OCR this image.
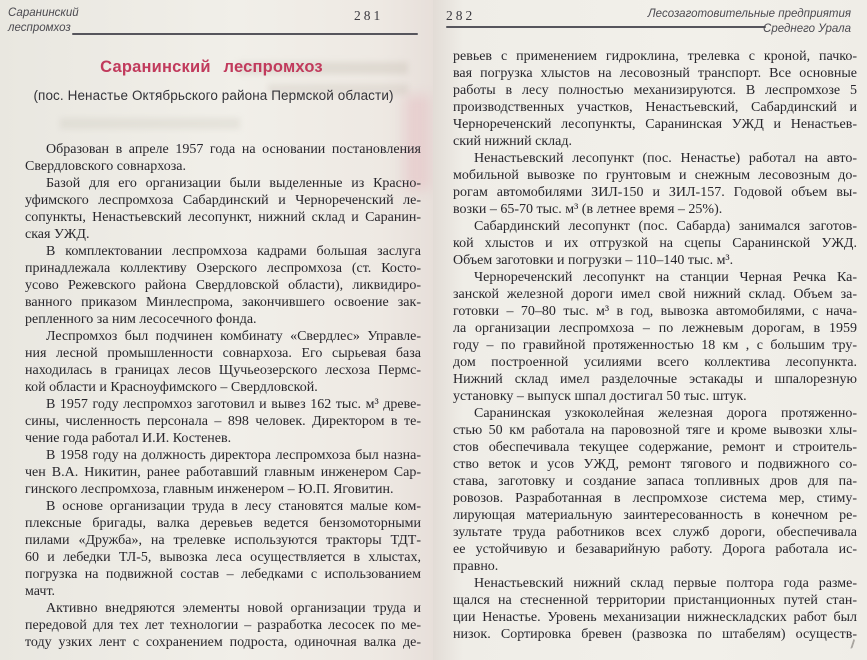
Саранинский
леспромхоз
281
Саранинский леспромхоз
(пос. Ненастье Октябрьского района Пермской области)
Образован в апреле 1957 года на основании постановления
Свердловского совнархоза.
Базой для его организации были выделенные из Красно-
уфимского леспромхоза Сабардинский и Чернореченский ле-
сопункты, Ненастьевский лесопункт, нижний склад и Саранин-
ская УЖД.
В комплектовании леспромхоза кадрами большая заслуга
принадлежала коллективу Озерского леспромхоза (ст. Косто-
усово Режевского района Свердловской области), ликвидиро-
ванного приказом Минлеспрома, закончившего освоение зак-
репленного за ним лесосечного фонда.
Леспромхоз был подчинен комбинату «Свердлес» Управле-
ния лесной промышленности совнархоза. Его сырьевая база
находилась в границах лесов Щучьеозерского лесхоза Пермс-
кой области и Красноуфимского – Свердловской.
В 1957 году леспромхоз заготовил и вывез 162 тыс. м³ древе-
сины, численность персонала – 898 человек. Директором в те-
чение года работал И.И. Костенев.
В 1958 году на должность директора леспромхоза был назна-
чен В.А. Никитин, ранее работавший главным инженером Сар-
гинского леспромхоза, главным инженером – Ю.П. Яговитин.
В основе организации труда в лесу становятся малые ком-
плексные бригады, валка деревьев ведется бензомоторными
пилами «Дружба», на трелевке используются тракторы ТДТ-
60 и лебедки ТЛ-5, вывозка леса осуществляется в хлыстах,
погрузка на подвижной состав – лебедками с использованием
мачт.
Активно внедряются элементы новой организации труда и
передовой для тех лет технологии – разработка лесосек по ме-
тоду узких лент с сохранением подроста, одиночная валка де-
282	Лесозаготовительные предприятия
Среднего Урала
ревьев с применением гидроклина, трелевка с кроной, пачко-
вая погрузка хлыстов на лесовозный транспорт. Все основные
работы в лесу полностью механизируются. В леспромхозе 5
производственных участков, Ненастьевский, Сабардинский и
Чернореченский лесопункты, Саранинская УЖД и Ненастьев-
ский нижний склад.
Ненастьевский лесопункт (пос. Ненастье) работал на авто-
мобильной вывозке по грунтовым и снежным лесовозным до-
рогам автомобилями ЗИЛ-150 и ЗИЛ-157. Годовой объем вы-
возки – 65-70 тыс. м³ (в летнее время – 25%).
Сабардинский лесопункт (пос. Сабарда) занимался заготов-
кой хлыстов и их отгрузкой на сцепы Саранинской УЖД.
Объем заготовки и погрузки – 110–140 тыс. м³.
Чернореченский лесопункт на станции Черная Речка Ка-
занской железной дороги имел свой нижний склад. Объем за-
готовки – 70–80 тыс. м³ в год, вывозка автомобилями, с нача-
ла организации леспромхоза – по лежневым дорогам, в 1959
году – по гравийной протяженностью 18 км , с большим тру-
дом построенной усилиями всего коллектива лесопункта.
Нижний склад имел разделочные эстакады и шпалорезную
установку – выпуск шпал достигал 50 тыс. штук.
Саранинская узкоколейная железная дорога протяженно-
стью 50 км работала на паровозной тяге и кроме вывозки хлы-
стов обеспечивала текущее содержание, ремонт и строитель-
ство веток и усов УЖД, ремонт тягового и подвижного со-
става, заготовку и создание запаса топливных дров для па-
ровозов. Разработанная в леспромхозе система мер, стиму-
лирующая материальную заинтересованность в конечном ре-
зультате труда работников всех служб дороги, обеспечивала
ее устойчивую и безаварийную работу. Дорога работала ис-
правно.
Ненастьевский нижний склад первые полтора года разме-
щался на стесненной территории пристанционных путей стан-
ции Ненастье. Уровень механизации нижнескладских работ был
низок. Сортировка бревен (развозка по штабелям) осуществ-
